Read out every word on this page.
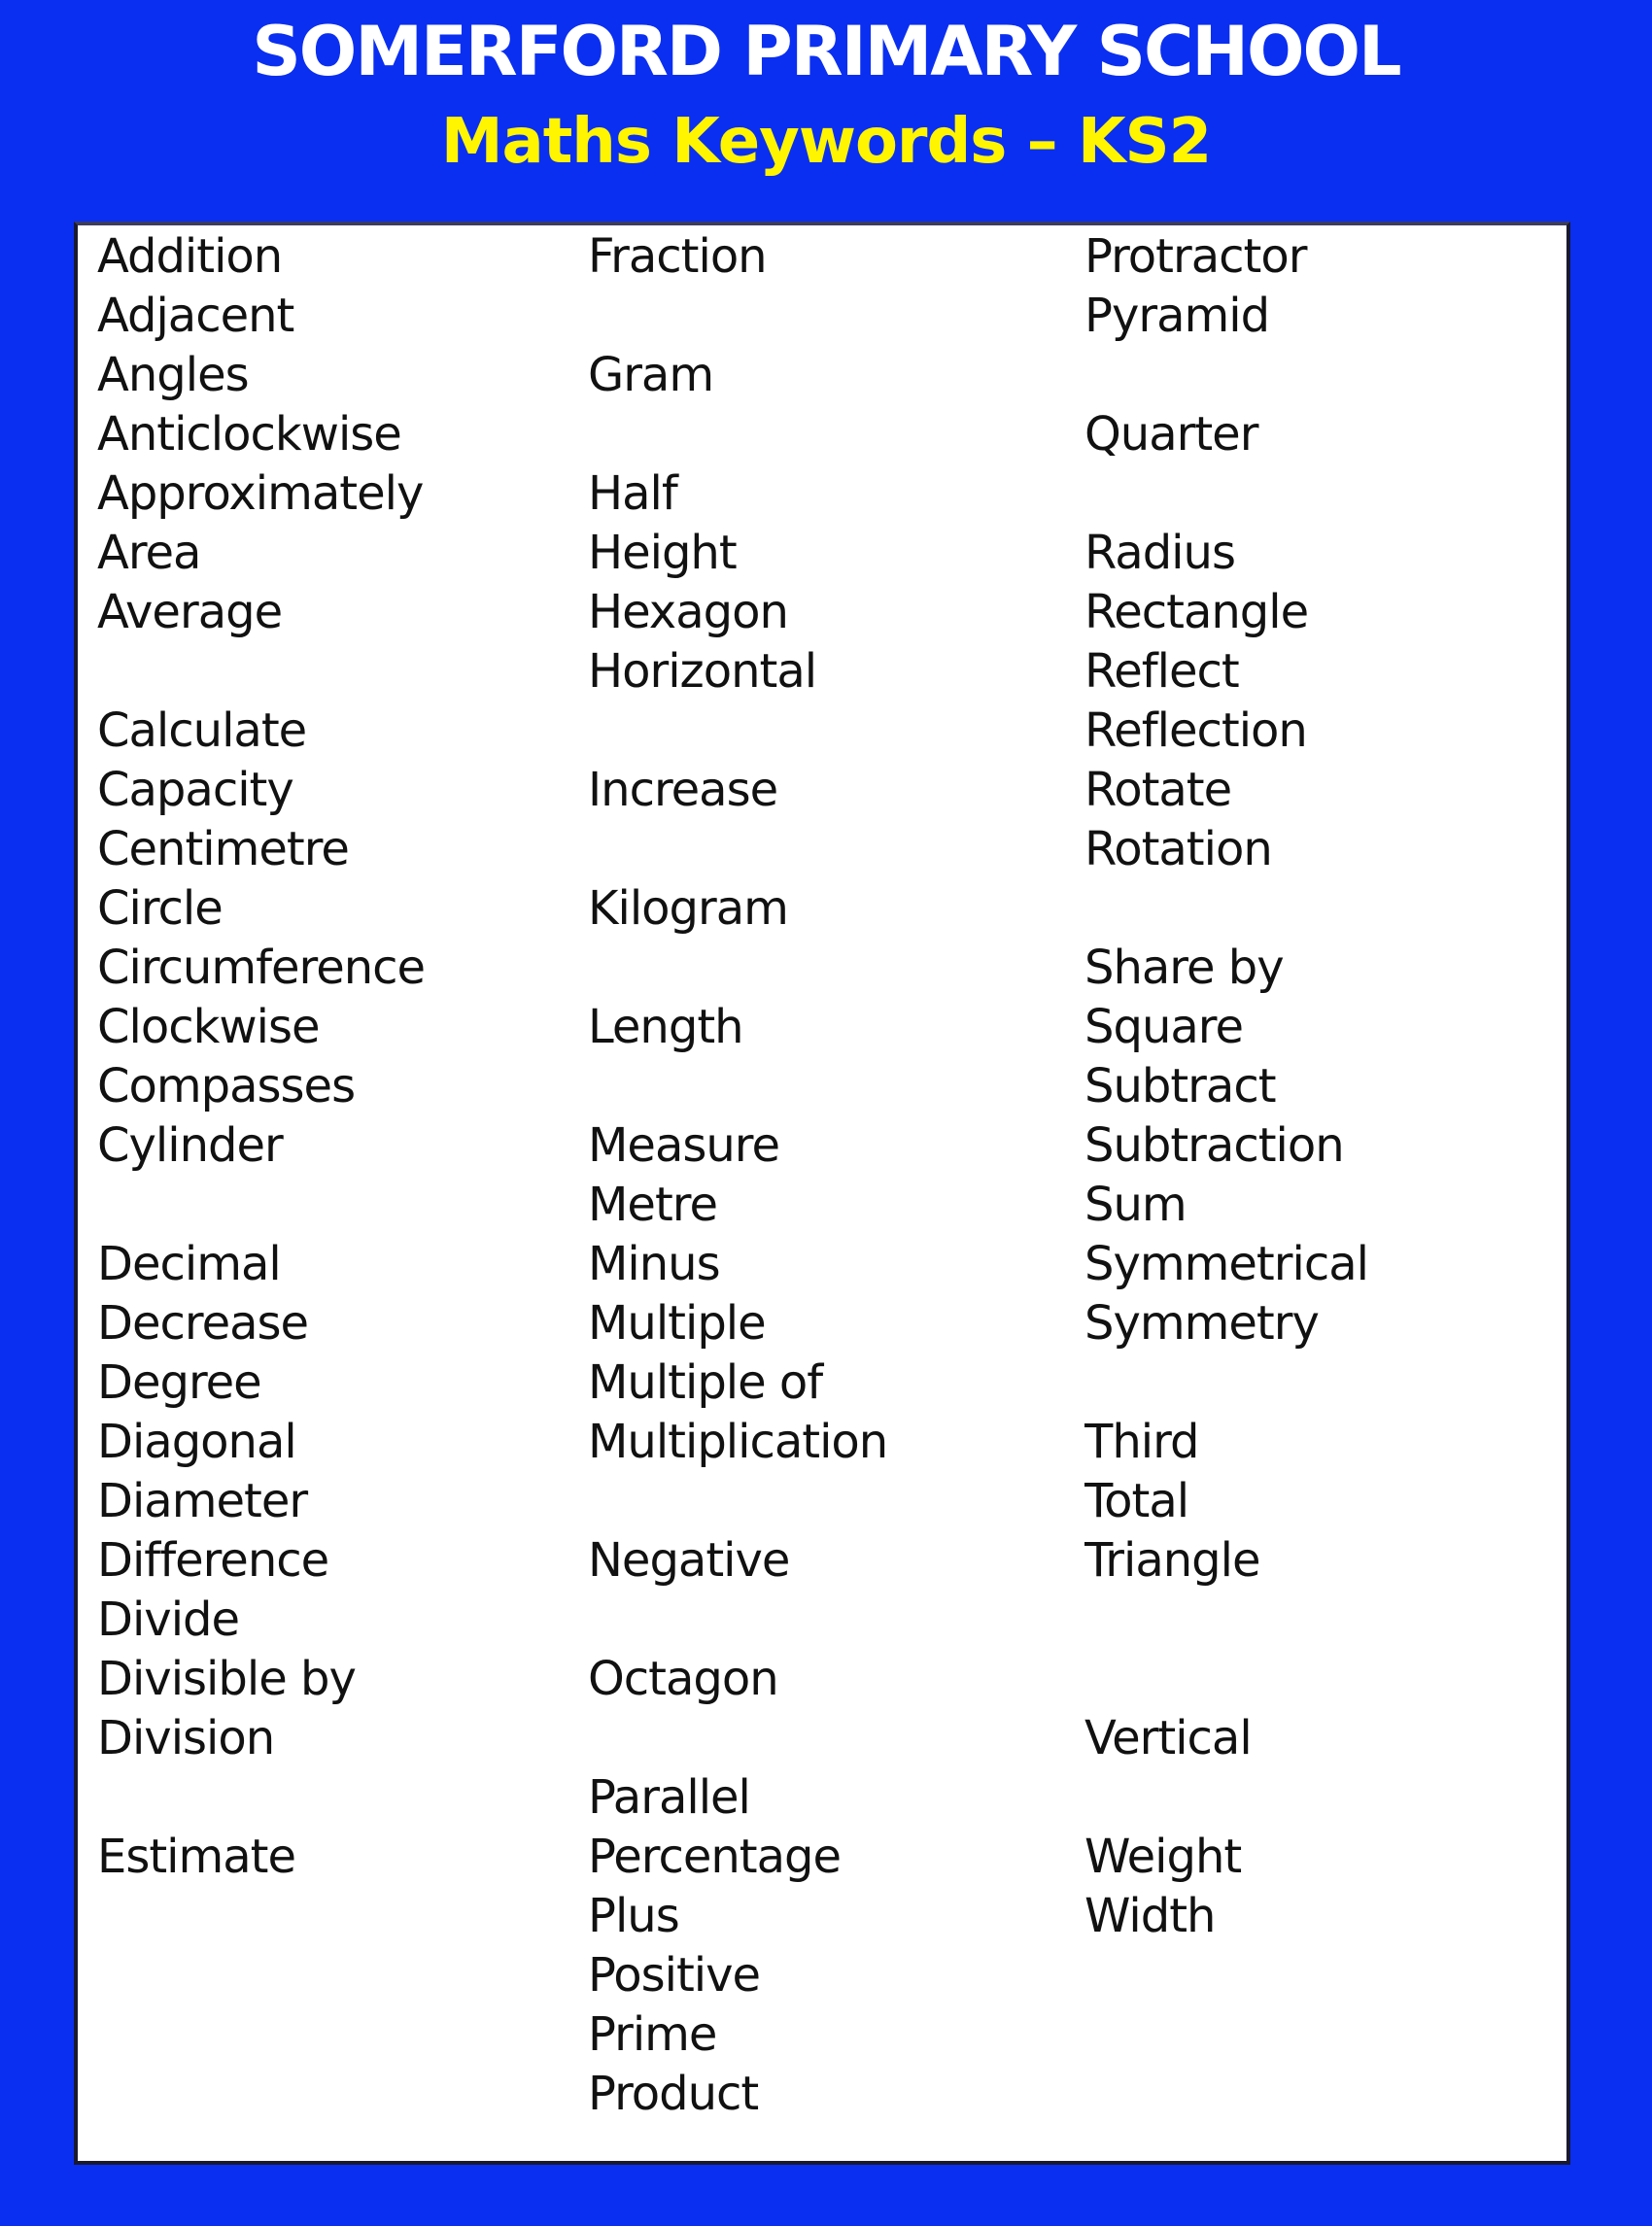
SOMERFORD PRIMARY SCHOOL
Maths Keywords – KS2
Addition
Adjacent
Angles
Anticlockwise
Approximately
Area
Average

Calculate
Capacity
Centimetre
Circle
Circumference
Clockwise
Compasses
Cylinder

Decimal
Decrease
Degree
Diagonal
Diameter
Difference
Divide
Divisible by
Division

Estimate

Fraction

Gram

Half
Height
Hexagon
Horizontal

Increase

Kilogram

Length

Measure
Metre
Minus
Multiple
Multiple of
Multiplication

Negative

Octagon

Parallel
Percentage
Plus
Positive
Prime
Product
Protractor
Pyramid

Quarter

Radius
Rectangle
Reflect
Reflection
Rotate
Rotation

Share by
Square
Subtract
Subtraction
Sum
Symmetrical
Symmetry

Third
Total
Triangle

Vertical

Weight
Width
